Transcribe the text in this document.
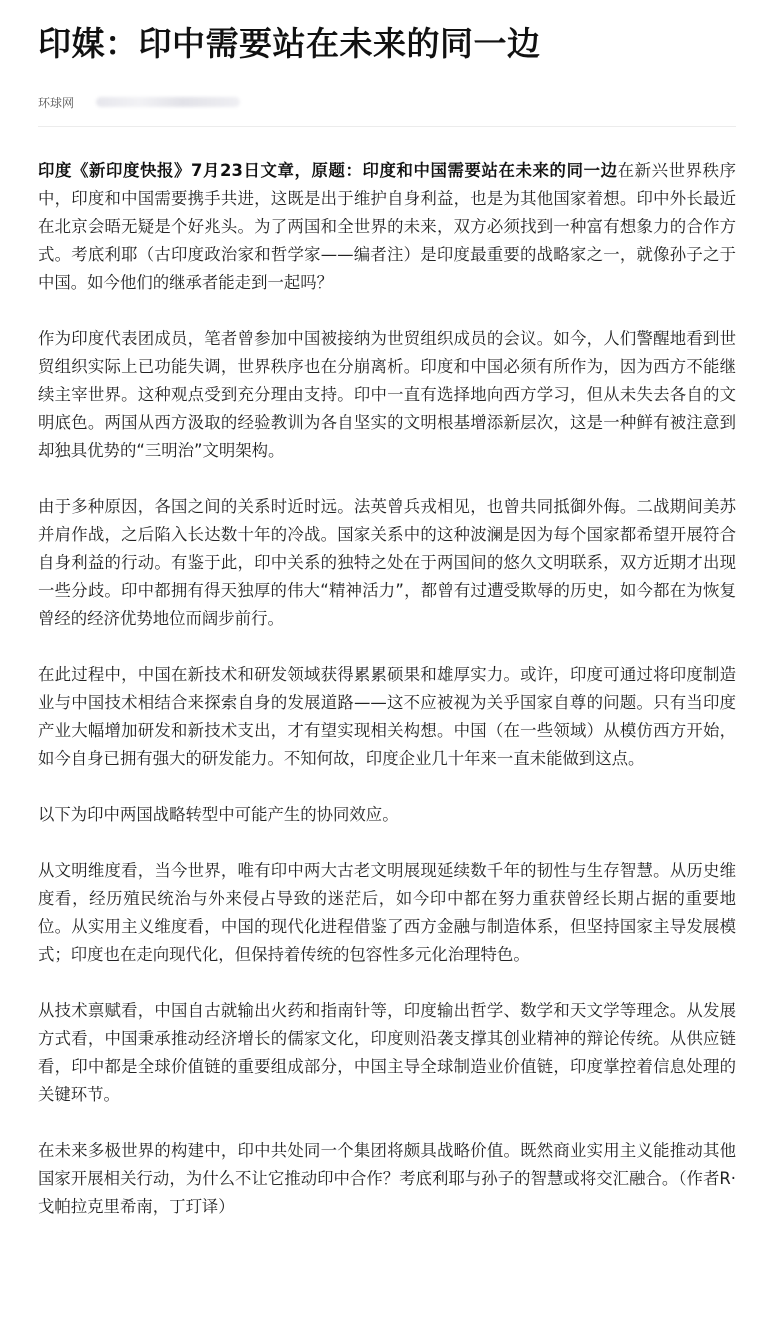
印媒：印中需要站在未来的同一边
环球网

印度《新印度快报》7月23日文章，原题：印度和中国需要站在未来的同一边在新兴世界秩序中，印度和中国需要携手共进，这既是出于维护自身利益，也是为其他国家着想。印中外长最近在北京会晤无疑是个好兆头。为了两国和全世界的未来，双方必须找到一种富有想象力的合作方式。考底利耶（古印度政治家和哲学家——编者注）是印度最重要的战略家之一，就像孙子之于中国。如今他们的继承者能走到一起吗？

作为印度代表团成员，笔者曾参加中国被接纳为世贸组织成员的会议。如今，人们警醒地看到世贸组织实际上已功能失调，世界秩序也在分崩离析。印度和中国必须有所作为，因为西方不能继续主宰世界。这种观点受到充分理由支持。印中一直有选择地向西方学习，但从未失去各自的文明底色。两国从西方汲取的经验教训为各自坚实的文明根基增添新层次，这是一种鲜有被注意到却独具优势的“三明治”文明架构。

由于多种原因，各国之间的关系时近时远。法英曾兵戎相见，也曾共同抵御外侮。二战期间美苏并肩作战，之后陷入长达数十年的冷战。国家关系中的这种波澜是因为每个国家都希望开展符合自身利益的行动。有鉴于此，印中关系的独特之处在于两国间的悠久文明联系，双方近期才出现一些分歧。印中都拥有得天独厚的伟大“精神活力”，都曾有过遭受欺辱的历史，如今都在为恢复曾经的经济优势地位而阔步前行。

在此过程中，中国在新技术和研发领域获得累累硕果和雄厚实力。或许，印度可通过将印度制造业与中国技术相结合来探索自身的发展道路——这不应被视为关乎国家自尊的问题。只有当印度产业大幅增加研发和新技术支出，才有望实现相关构想。中国（在一些领域）从模仿西方开始，如今自身已拥有强大的研发能力。不知何故，印度企业几十年来一直未能做到这点。

以下为印中两国战略转型中可能产生的协同效应。

从文明维度看，当今世界，唯有印中两大古老文明展现延续数千年的韧性与生存智慧。从历史维度看，经历殖民统治与外来侵占导致的迷茫后，如今印中都在努力重获曾经长期占据的重要地位。从实用主义维度看，中国的现代化进程借鉴了西方金融与制造体系，但坚持国家主导发展模式；印度也在走向现代化，但保持着传统的包容性多元化治理特色。

从技术禀赋看，中国自古就输出火药和指南针等，印度输出哲学、数学和天文学等理念。从发展方式看，中国秉承推动经济增长的儒家文化，印度则沿袭支撑其创业精神的辩论传统。从供应链看，印中都是全球价值链的重要组成部分，中国主导全球制造业价值链，印度掌控着信息处理的关键环节。

在未来多极世界的构建中，印中共处同一个集团将颇具战略价值。既然商业实用主义能推动其他国家开展相关行动，为什么不让它推动印中合作？考底利耶与孙子的智慧或将交汇融合。（作者R·戈帕拉克里希南，丁玎译）
